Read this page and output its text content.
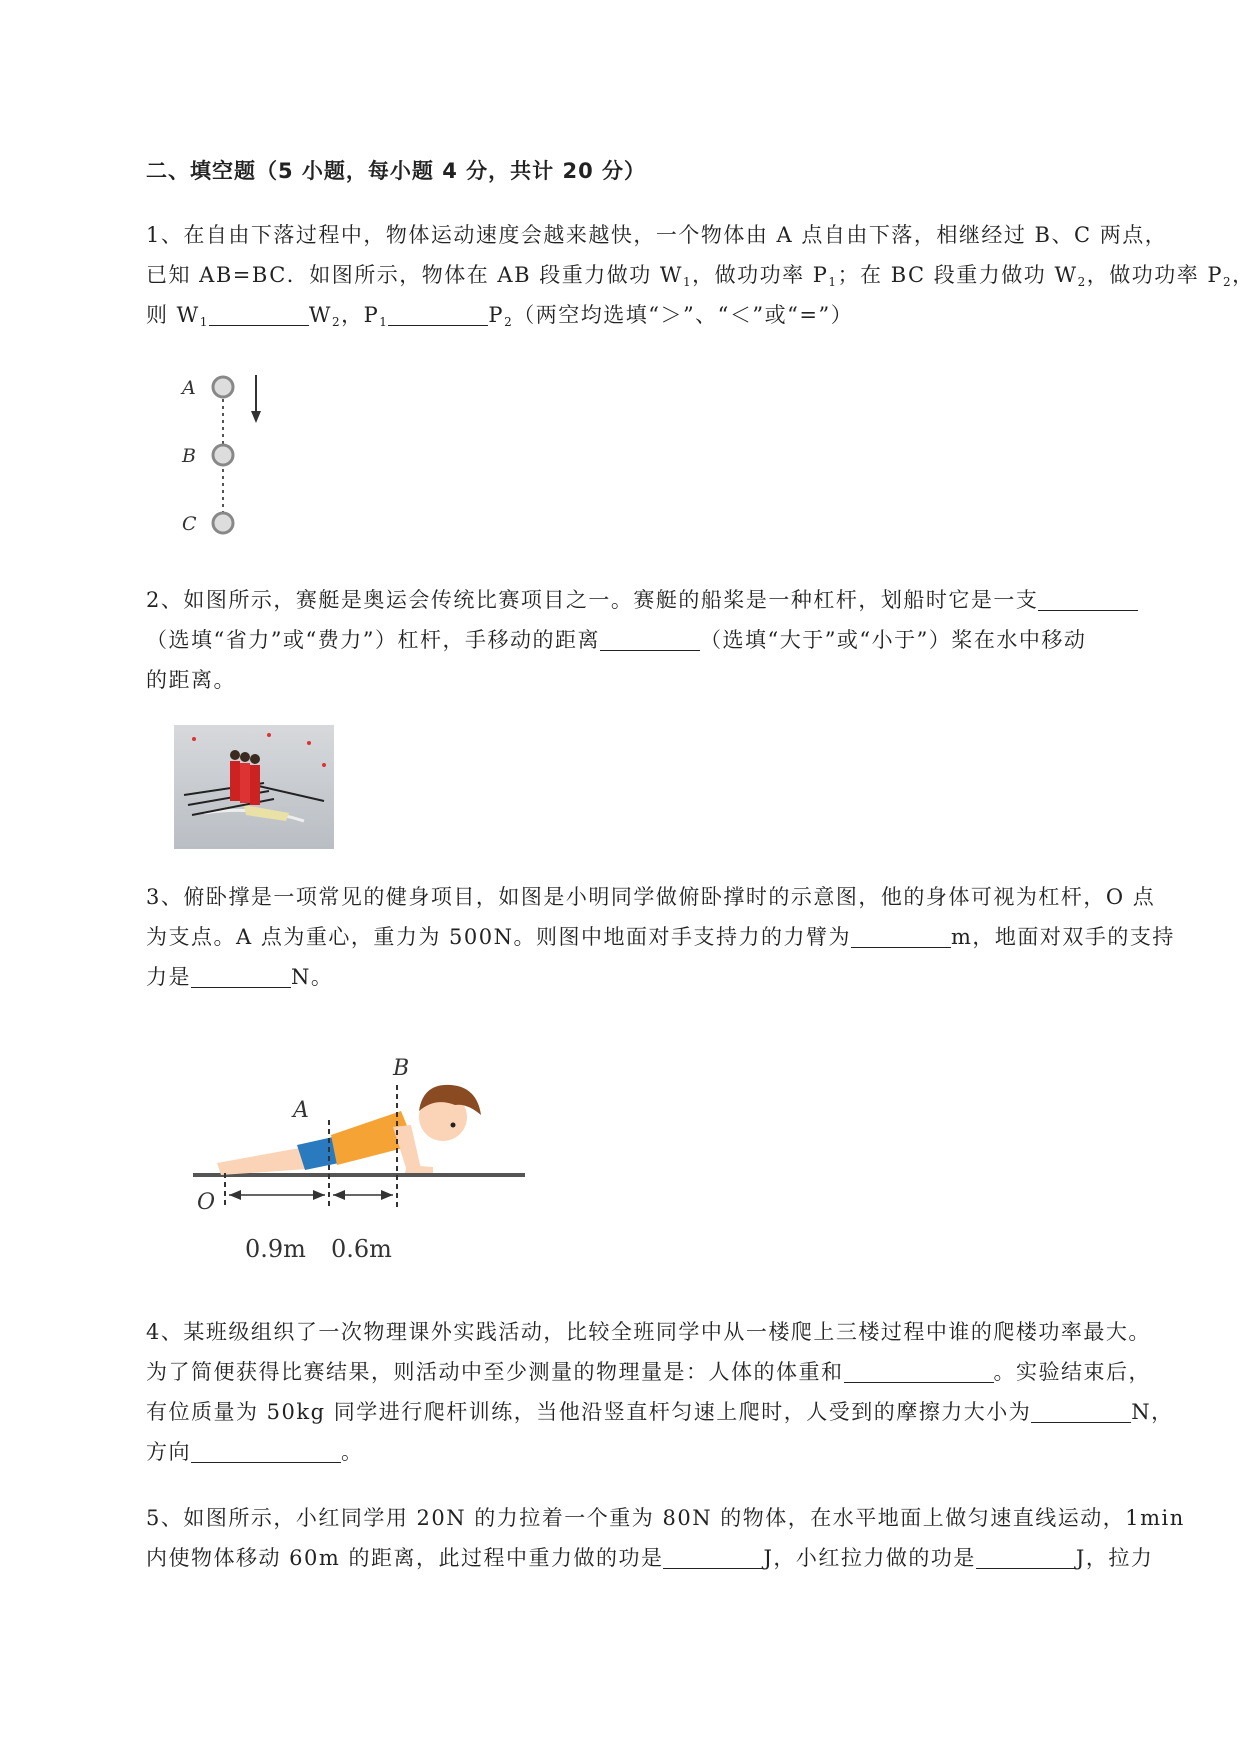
二、填空题（5 小题，每小题 4 分，共计 20 分）
1、在自由下落过程中，物体运动速度会越来越快，一个物体由 A 点自由下落，相继经过 B、C 两点，
已知 AB=BC．如图所示，物体在 AB 段重力做功 $W_1$，做功功率 $P_1$；在 BC 段重力做功 $W_2$，做功功率 $P_2$，
则 $W_1$	$W_2$，$P_1$	$P_2$（两空均选填“＞”、“＜”或“=”）
A
B
C
2、如图所示，赛艇是奥运会传统比赛项目之一。赛艇的船桨是一种杠杆，划船时它是一支
（选填“省力”或“费力”）杠杆，手移动的距离	（选填“大于”或“小于”）桨在水中移动
的距离。
3、俯卧撑是一项常见的健身项目，如图是小明同学做俯卧撑时的示意图，他的身体可视为杠杆，O 点
为支点。A 点为重心，重力为 500N。则图中地面对手支持力的力臂为	m，地面对双手的支持
力是	N。
A
B
O
0.9m 0.6m
4、某班级组织了一次物理课外实践活动，比较全班同学中从一楼爬上三楼过程中谁的爬楼功率最大。
为了简便获得比赛结果，则活动中至少测量的物理量是：人体的体重和	。实验结束后，
有位质量为 50kg 同学进行爬杆训练，当他沿竖直杆匀速上爬时，人受到的摩擦力大小为	N，
方向	。
5、如图所示，小红同学用 20N 的力拉着一个重为 80N 的物体，在水平地面上做匀速直线运动，1min
内使物体移动 60m 的距离，此过程中重力做的功是	J，小红拉力做的功是	J，拉力
